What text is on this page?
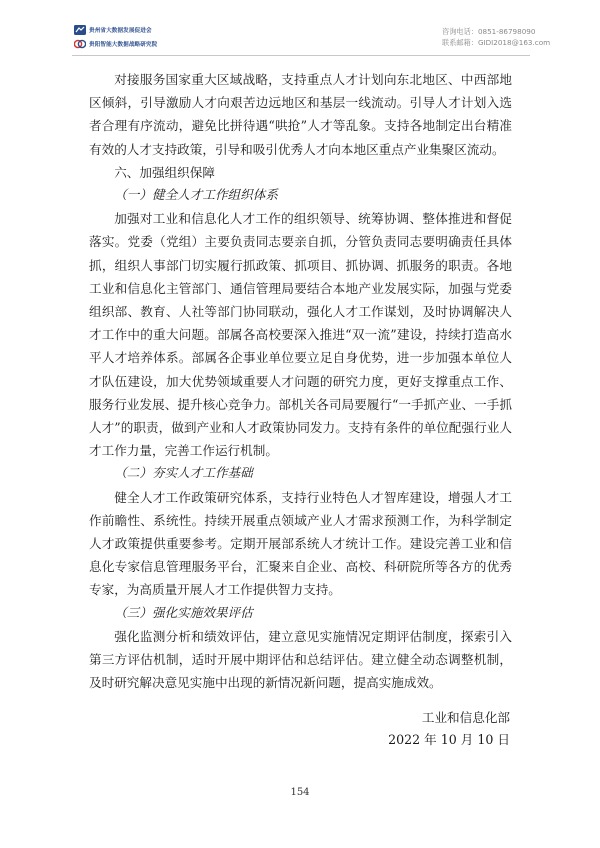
贵州省大数据发展促进会
贵阳智能大数据战略研究院
咨询电话：0851-86798090
联系邮箱：GIDI2018@163.com

对接服务国家重大区域战略，支持重点人才计划向东北地区、中西部地区倾斜，引导激励人才向艰苦边远地区和基层一线流动。引导人才计划入选者合理有序流动，避免比拼待遇“哄抢”人才等乱象。支持各地制定出台精准有效的人才支持政策，引导和吸引优秀人才向本地区重点产业集聚区流动。

六、加强组织保障

（一）健全人才工作组织体系

加强对工业和信息化人才工作的组织领导、统筹协调、整体推进和督促落实。党委（党组）主要负责同志要亲自抓，分管负责同志要明确责任具体抓，组织人事部门切实履行抓政策、抓项目、抓协调、抓服务的职责。各地工业和信息化主管部门、通信管理局要结合本地产业发展实际，加强与党委组织部、教育、人社等部门协同联动，强化人才工作谋划，及时协调解决人才工作中的重大问题。部属各高校要深入推进“双一流”建设，持续打造高水平人才培养体系。部属各企事业单位要立足自身优势，进一步加强本单位人才队伍建设，加大优势领域重要人才问题的研究力度，更好支撑重点工作、服务行业发展、提升核心竞争力。部机关各司局要履行“一手抓产业、一手抓人才”的职责，做到产业和人才政策协同发力。支持有条件的单位配强行业人才工作力量，完善工作运行机制。

（二）夯实人才工作基础

健全人才工作政策研究体系，支持行业特色人才智库建设，增强人才工作前瞻性、系统性。持续开展重点领域产业人才需求预测工作，为科学制定人才政策提供重要参考。定期开展部系统人才统计工作。建设完善工业和信息化专家信息管理服务平台，汇聚来自企业、高校、科研院所等各方的优秀专家，为高质量开展人才工作提供智力支持。

（三）强化实施效果评估

强化监测分析和绩效评估，建立意见实施情况定期评估制度，探索引入第三方评估机制，适时开展中期评估和总结评估。建立健全动态调整机制，及时研究解决意见实施中出现的新情况新问题，提高实施成效。

工业和信息化部
2022 年 10 月 10 日
154
